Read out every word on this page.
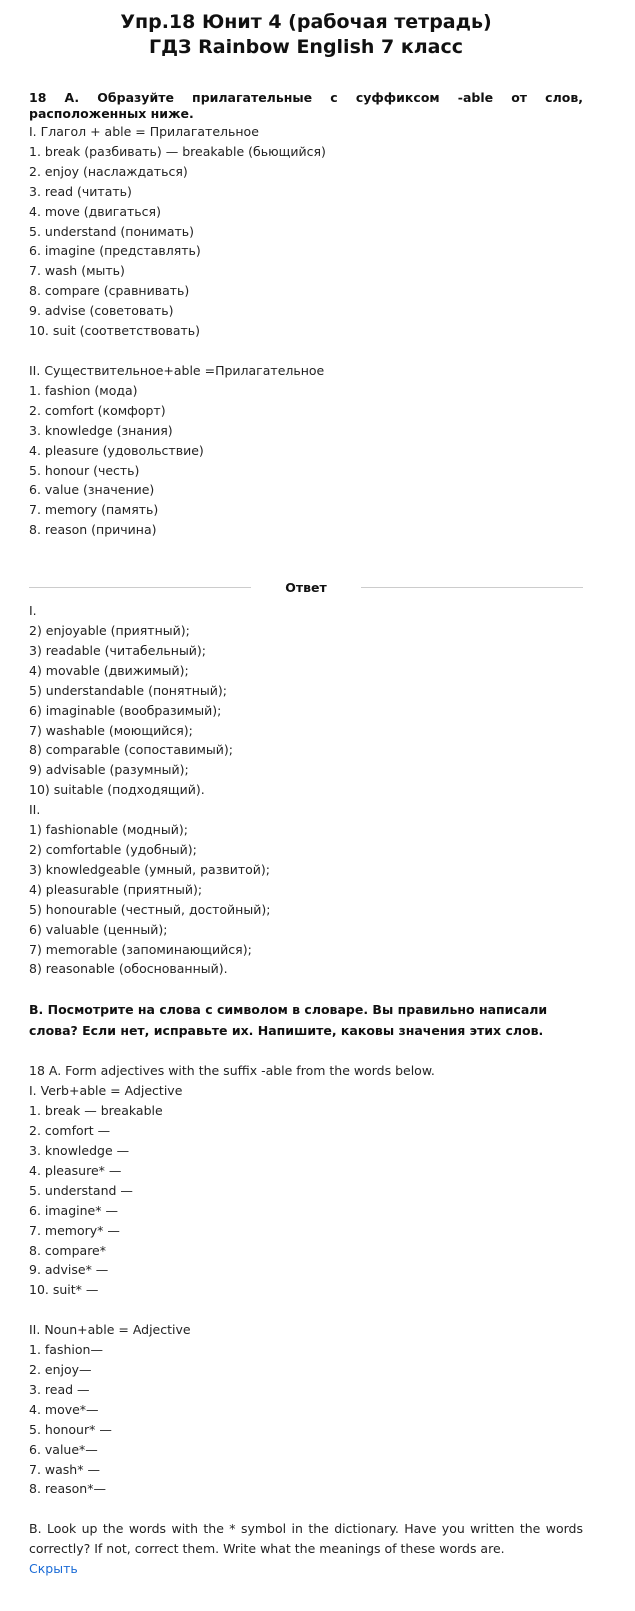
Упр.18 Юнит 4 (рабочая тетрадь)
ГДЗ Rainbow English 7 класс

18 A. Образуйте прилагательные с суффиксом -able от слов, расположенных ниже.

I. Глагол + able = Прилагательное

1. break (разбивать) — breakable (бьющийся)

2. enjoy (наслаждаться)

3. read (читать)

4. move (двигаться)

5. understand (понимать)

6. imagine (представлять)

7. wash (мыть)

8. compare (сравнивать)

9. advise (советовать)

10. suit (соответствовать)

II. Существительное+able =Прилагательное

1. fashion (мода)

2. comfort (комфорт)

3. knowledge (знания)

4. pleasure (удовольствие)

5. honour (честь)

6. value (значение)

7. memory (память)

8. reason (причина)

Ответ

I.

2) enjoyable (приятный);

3) readable (читабельный);

4) movable (движимый);

5) understandable (понятный);

6) imaginable (вообразимый);

7) washable (моющийся);

8) comparable (сопоставимый);

9) advisable (разумный);

10) suitable (подходящий).

II.

1) fashionable (модный);

2) comfortable (удобный);

3) knowledgeable (умный, развитой);

4) pleasurable (приятный);

5) honourable (честный, достойный);

6) valuable (ценный);

7) memorable (запоминающийся);

8) reasonable (обоснованный).

B. Посмотрите на слова с символом в словаре. Вы правильно написали слова? Если нет, исправьте их. Напишите, каковы значения этих слов.

18 A. Form adjectives with the suffix -able from the words below.

I. Verb+able = Adjective

1. break — breakable

2. comfort —

3. knowledge —

4. pleasure* —

5. understand —

6. imagine* —

7. memory* —

8. compare*

9. advise* —

10. suit* —

II. Noun+able = Adjective

1. fashion—

2. enjoy—

3. read —

4. move*—

5. honour* —

6. value*—

7. wash* —

8. reason*—

B. Look up the words with the * symbol in the dictionary. Have you written the words correctly? If not, correct them. Write what the meanings of these words are.

Скрыть
